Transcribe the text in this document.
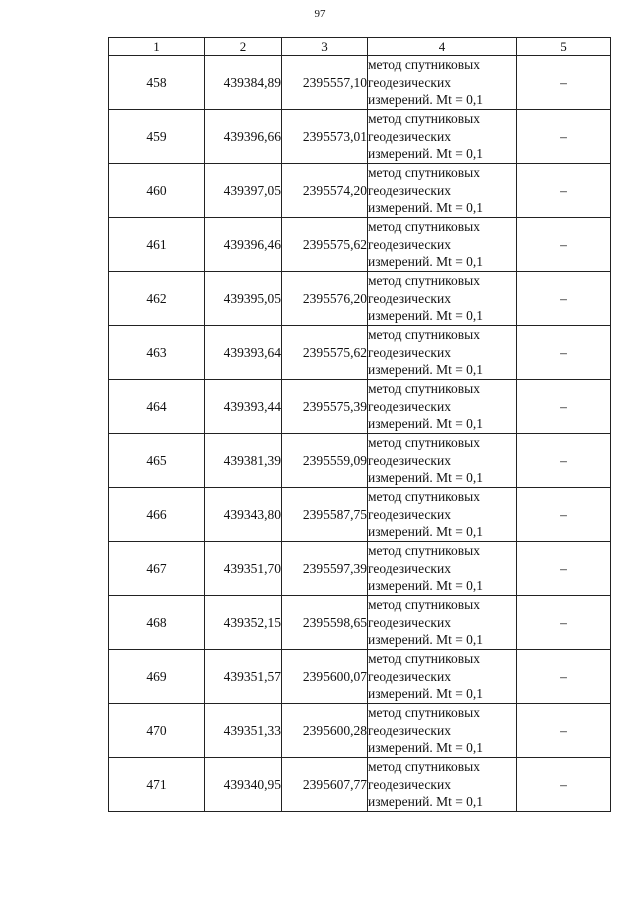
97
1	2	3	4	5
458	439384,89	2395557,10	метод спутниковых
геодезических
измерений. Mt = 0,1	–
459	439396,66	2395573,01	метод спутниковых
геодезических
измерений. Mt = 0,1	–
460	439397,05	2395574,20	метод спутниковых
геодезических
измерений. Mt = 0,1	–
461	439396,46	2395575,62	метод спутниковых
геодезических
измерений. Mt = 0,1	–
462	439395,05	2395576,20	метод спутниковых
геодезических
измерений. Mt = 0,1	–
463	439393,64	2395575,62	метод спутниковых
геодезических
измерений. Mt = 0,1	–
464	439393,44	2395575,39	метод спутниковых
геодезических
измерений. Mt = 0,1	–
465	439381,39	2395559,09	метод спутниковых
геодезических
измерений. Mt = 0,1	–
466	439343,80	2395587,75	метод спутниковых
геодезических
измерений. Mt = 0,1	–
467	439351,70	2395597,39	метод спутниковых
геодезических
измерений. Mt = 0,1	–
468	439352,15	2395598,65	метод спутниковых
геодезических
измерений. Mt = 0,1	–
469	439351,57	2395600,07	метод спутниковых
геодезических
измерений. Mt = 0,1	–
470	439351,33	2395600,28	метод спутниковых
геодезических
измерений. Mt = 0,1	–
471	439340,95	2395607,77	метод спутниковых
геодезических
измерений. Mt = 0,1	–
